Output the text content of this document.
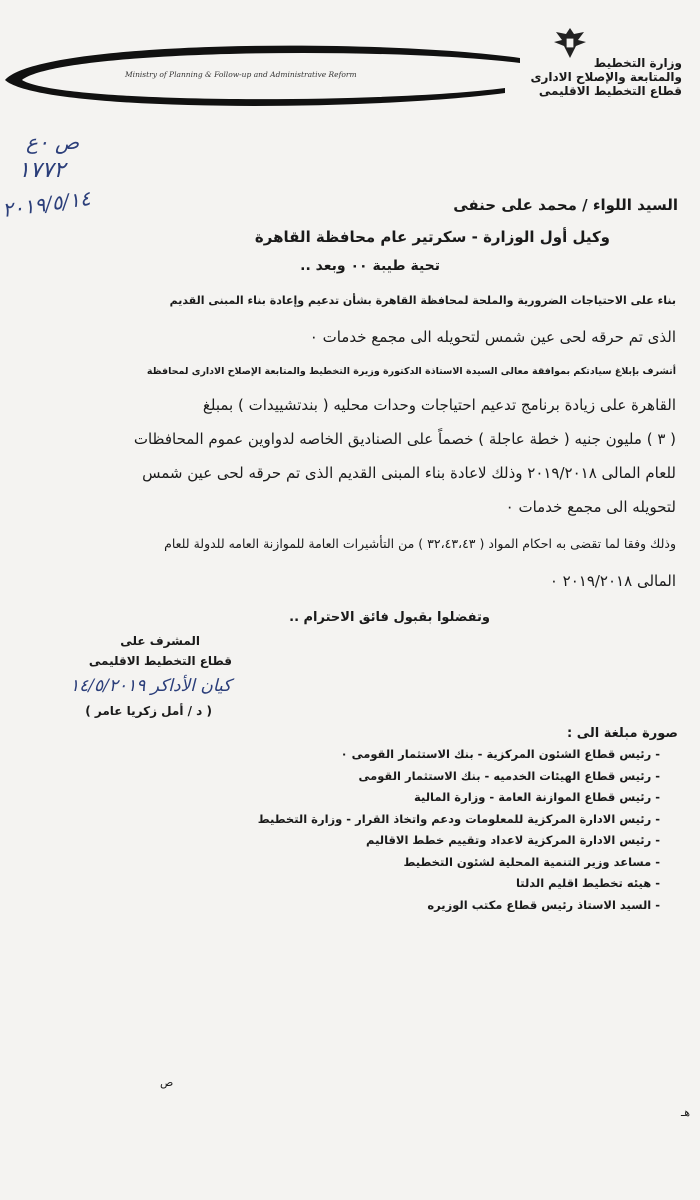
Ministry of Planning & Follow-up and Administrative Reform
وزارة التخطيط
والمتابعة والإصلاح الادارى
قطاع التخطيط الاقليمى
ص ٠ع
١٧٧٢
٢٠١٩/٥/١٤	السيد اللواء / محمد على حنفى
وكيل أول الوزارة - سكرتير عام محافظة القاهرة
تحية طيبة ٠٠ وبعد ..
بناء على الاحتياجات الضرورية والملحة لمحافظة القاهرة بشأن تدعيم وإعادة بناء المبنى القديم
الذى تم حرقه لحى عين شمس لتحويله الى مجمع خدمات ٠
أتشرف بإبلاغ سيادتكم بموافقة معالى السيدة الاستاذة الدكتورة وزيرة التخطيط والمتابعة الإصلاح الادارى لمحافظة
القاهرة على زيادة برنامج تدعيم احتياجات وحدات محليه ( بندتشييدات ) بمبلغ
( ٣ ) مليون جنيه ( خطة عاجلة ) خصماً على الصناديق الخاصه لدواوين عموم المحافظات
للعام المالى ٢٠١٩/٢٠١٨ وذلك لاعادة بناء المبنى القديم الذى تم حرقه لحى عين شمس
لتحويله الى مجمع خدمات ٠
وذلك وفقا لما تقضى به احكام المواد ( ٣٢،٤٣،٤٣ ) من التأشيرات العامة للموازنة العامه للدولة للعام
المالى ٢٠١٩/٢٠١٨ ٠
وتفضلوا بقبول فائق الاحترام ..
المشرف على
قطاع التخطيط الاقليمى
كيان الأداكر ١٤/٥/٢٠١٩
( د / أمل زكريا عامر )
صورة مبلغة الى :
- رئيس قطاع الشئون المركزية - بنك الاستثمار القومى ٠
- رئيس قطاع الهيئات الخدميه - بنك الاستثمار القومى
- رئيس قطاع الموازنة العامة - وزارة المالية
- رئيس الادارة المركزية للمعلومات ودعم واتخاذ القرار - وزارة التخطيط
- رئيس الادارة المركزية لاعداد وتقييم خطط الاقاليم
- مساعد وزير التنمية المحلية لشئون التخطيط
- هيئه تخطيط اقليم الدلتا
- السيد الاستاذ رئيس قطاع مكتب الوزيره
ص
هـ
